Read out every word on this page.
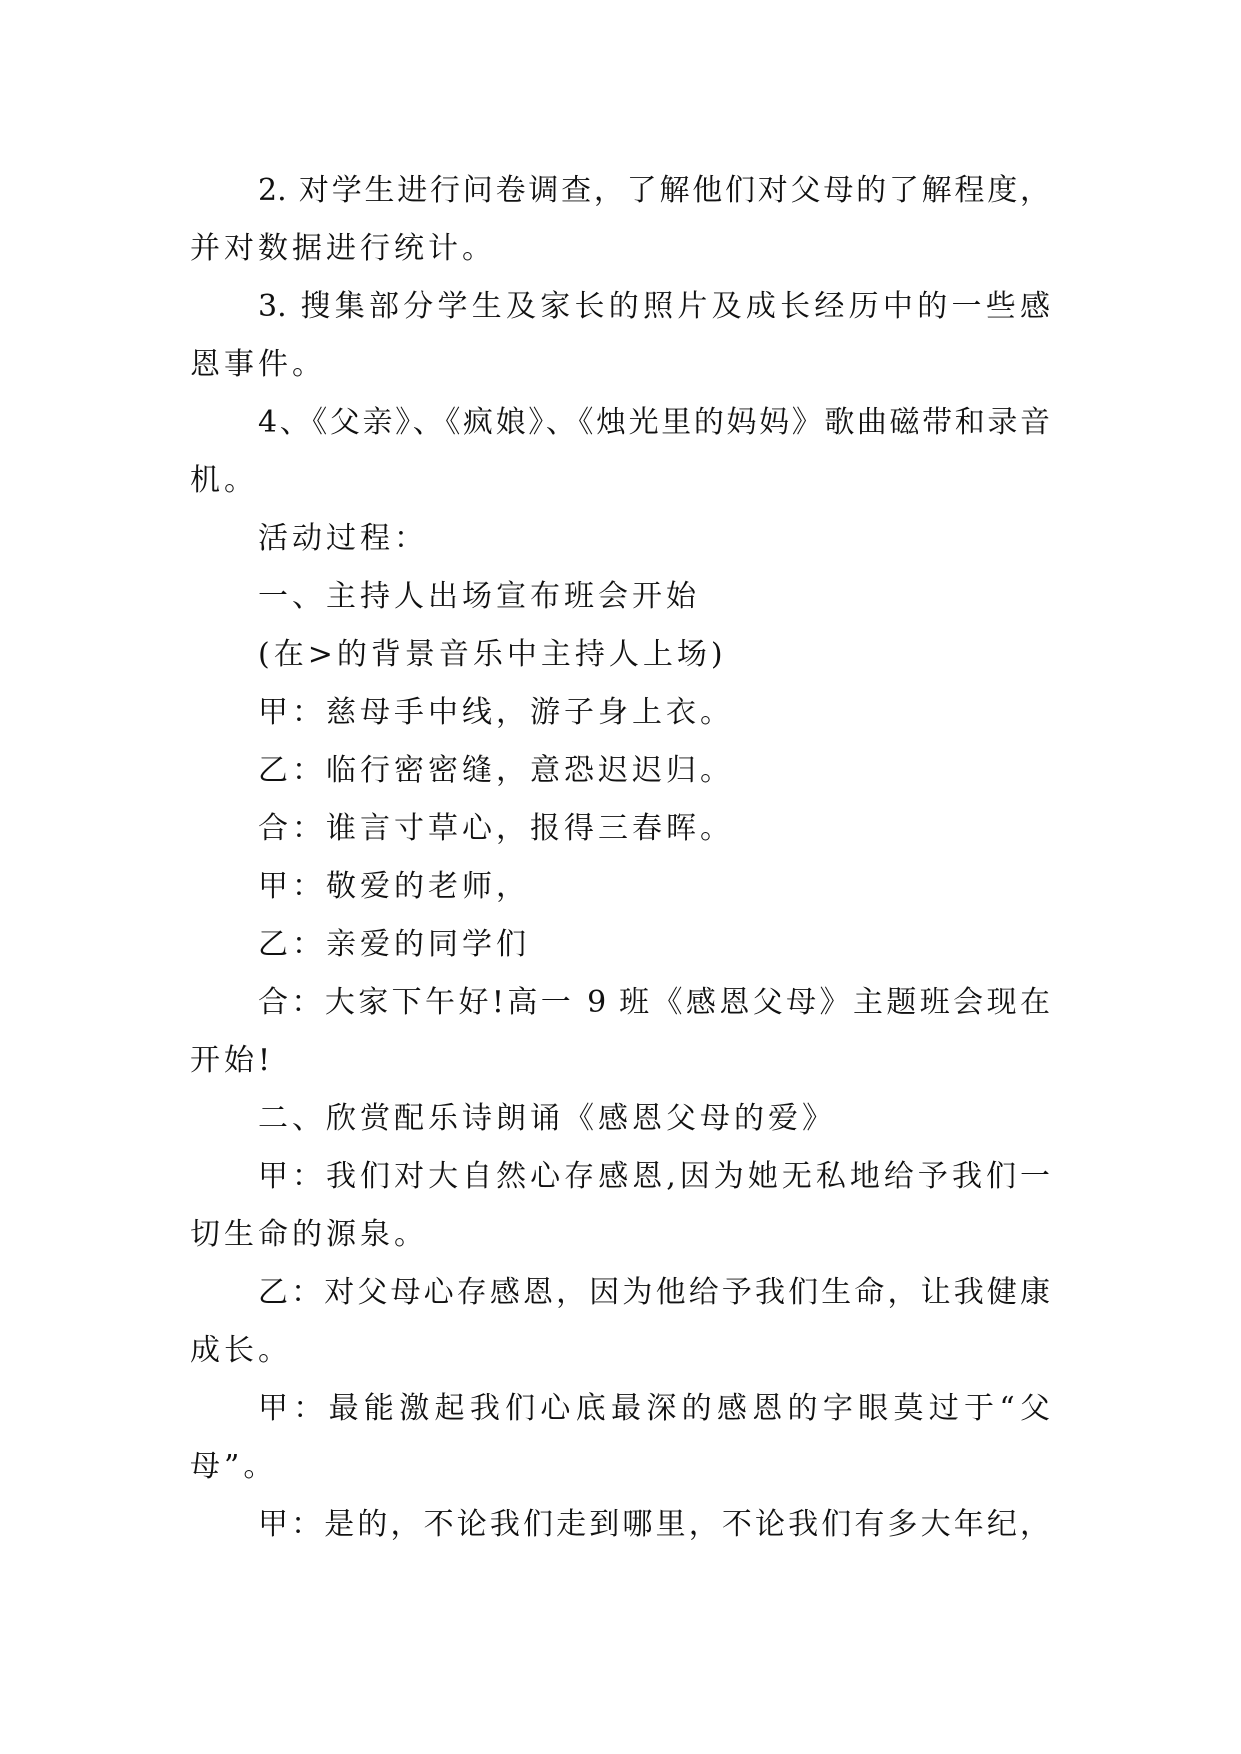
2. 对学生进行问卷调查，了解他们对父母的了解程度，
并对数据进行统计。
3. 搜集部分学生及家长的照片及成长经历中的一些感
恩事件。
4、《父亲》、《疯娘》、《烛光里的妈妈》歌曲磁带和录音
机。
活动过程：
一、主持人出场宣布班会开始
(在>的背景音乐中主持人上场)
甲：慈母手中线，游子身上衣。
乙：临行密密缝，意恐迟迟归。
合：谁言寸草心，报得三春晖。
甲：敬爱的老师，
乙：亲爱的同学们
合：大家下午好!高一 9 班《感恩父母》主题班会现在
开始!
二、欣赏配乐诗朗诵《感恩父母的爱》
甲：我们对大自然心存感恩,因为她无私地给予我们一
切生命的源泉。
乙：对父母心存感恩，因为他给予我们生命，让我健康
成长。
甲：最能激起我们心底最深的感恩的字眼莫过于“父
母”。
甲：是的，不论我们走到哪里，不论我们有多大年纪，
